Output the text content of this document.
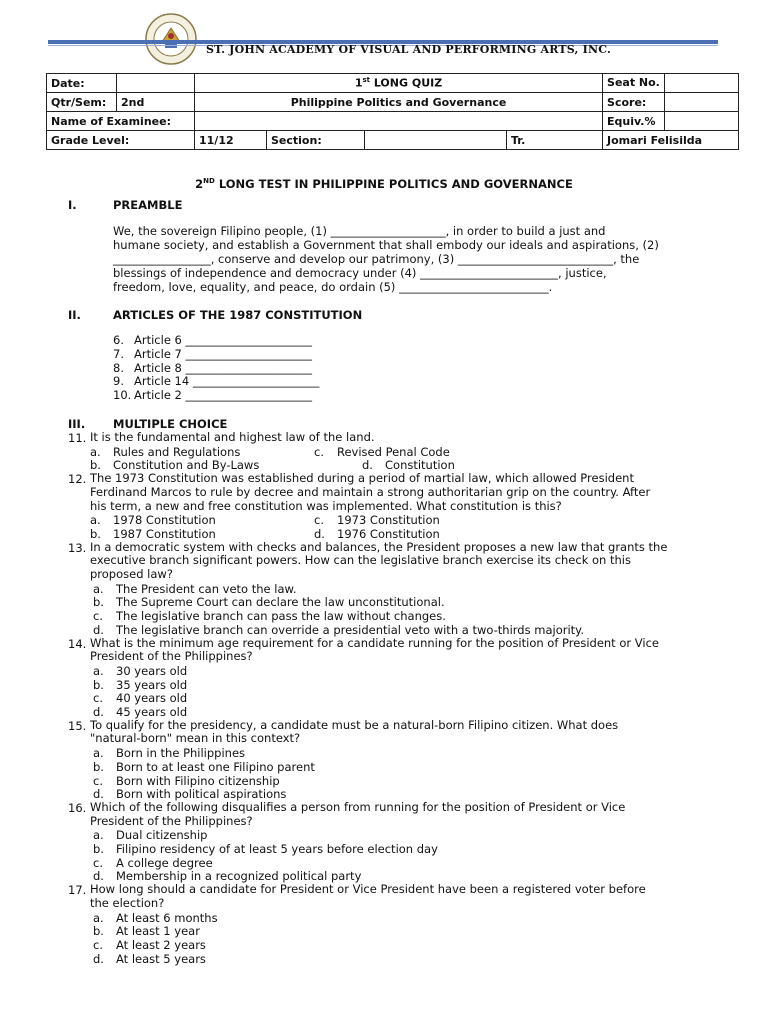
ST. JOHN ACADEMY OF VISUAL AND PERFORMING ARTS, INC.
Date:		1st LONG QUIZ				Seat No.	
Qtr/Sem:	2nd	Philippine Politics and Governance				Score:	
Name of Examinee:						Equiv.%	
Grade Level:		11/12	Section:		Tr.	Jomari Felisilda	
2ND LONG TEST IN PHILIPPINE POLITICS AND GOVERNANCE
I.	PREAMBLE
We, the sovereign Filipino people, (1) ____________________, in order to build a just and
humane society, and establish a Government that shall embody our ideals and aspirations, (2)
_________________, conserve and develop our patrimony, (3) ___________________________, the
blessings of independence and democracy under (4) ________________________, justice,
freedom, love, equality, and peace, do ordain (5) __________________________.
II.	ARTICLES OF THE 1987 CONSTITUTION
6. Article 6 ______________________
7. Article 7 ______________________
8. Article 8 ______________________
9. Article 14 ______________________
10. Article 2 ______________________
III. MULTIPLE CHOICE
11. It is the fundamental and highest law of the land.
a. Rules and Regulations	c. Revised Penal Code
b. Constitution and By-Laws	d. Constitution
12. The 1973 Constitution was established during a period of martial law, which allowed President
Ferdinand Marcos to rule by decree and maintain a strong authoritarian grip on the country. After
his term, a new and free constitution was implemented. What constitution is this?
a. 1978 Constitution	c. 1973 Constitution
b. 1987 Constitution	d. 1976 Constitution
13. In a democratic system with checks and balances, the President proposes a new law that grants the
executive branch significant powers. How can the legislative branch exercise its check on this
proposed law?
a. The President can veto the law.
b. The Supreme Court can declare the law unconstitutional.
c. The legislative branch can pass the law without changes.
d. The legislative branch can override a presidential veto with a two-thirds majority.
14. What is the minimum age requirement for a candidate running for the position of President or Vice
President of the Philippines?
a. 30 years old
b. 35 years old
c. 40 years old
d. 45 years old
15. To qualify for the presidency, a candidate must be a natural-born Filipino citizen. What does
"natural-born" mean in this context?
a. Born in the Philippines
b. Born to at least one Filipino parent
c. Born with Filipino citizenship
d. Born with political aspirations
16. Which of the following disqualifies a person from running for the position of President or Vice
President of the Philippines?
a. Dual citizenship
b. Filipino residency of at least 5 years before election day
c. A college degree
d. Membership in a recognized political party
17. How long should a candidate for President or Vice President have been a registered voter before
the election?
a. At least 6 months
b. At least 1 year
c. At least 2 years
d. At least 5 years
